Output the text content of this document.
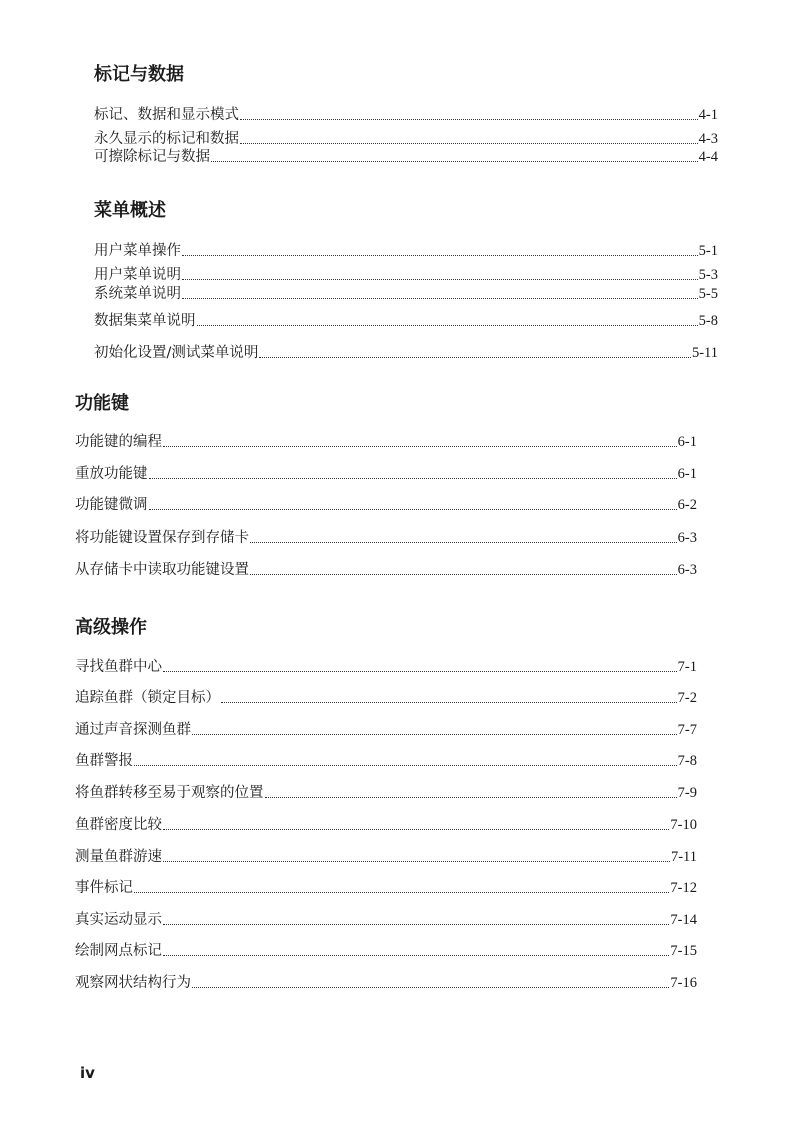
标记与数据
标记、数据和显示模式	4-1
永久显示的标记和数据	4-3
可擦除标记与数据	4-4
菜单概述
用户菜单操作	5-1
用户菜单说明	5-3
系统菜单说明	5-5
数据集菜单说明	5-8
初始化设置/测试菜单说明	5-11
功能键
功能键的编程	6-1
重放功能键	6-1
功能键微调	6-2
将功能键设置保存到存储卡	6-3
从存储卡中读取功能键设置	6-3
高级操作
寻找鱼群中心	7-1
追踪鱼群（锁定目标）	7-2
通过声音探测鱼群	7-7
鱼群警报	7-8
将鱼群转移至易于观察的位置	7-9
鱼群密度比较	7-10
测量鱼群游速	7-11
事件标记	7-12
真实运动显示	7-14
绘制网点标记	7-15
观察网状结构行为	7-16
iv
